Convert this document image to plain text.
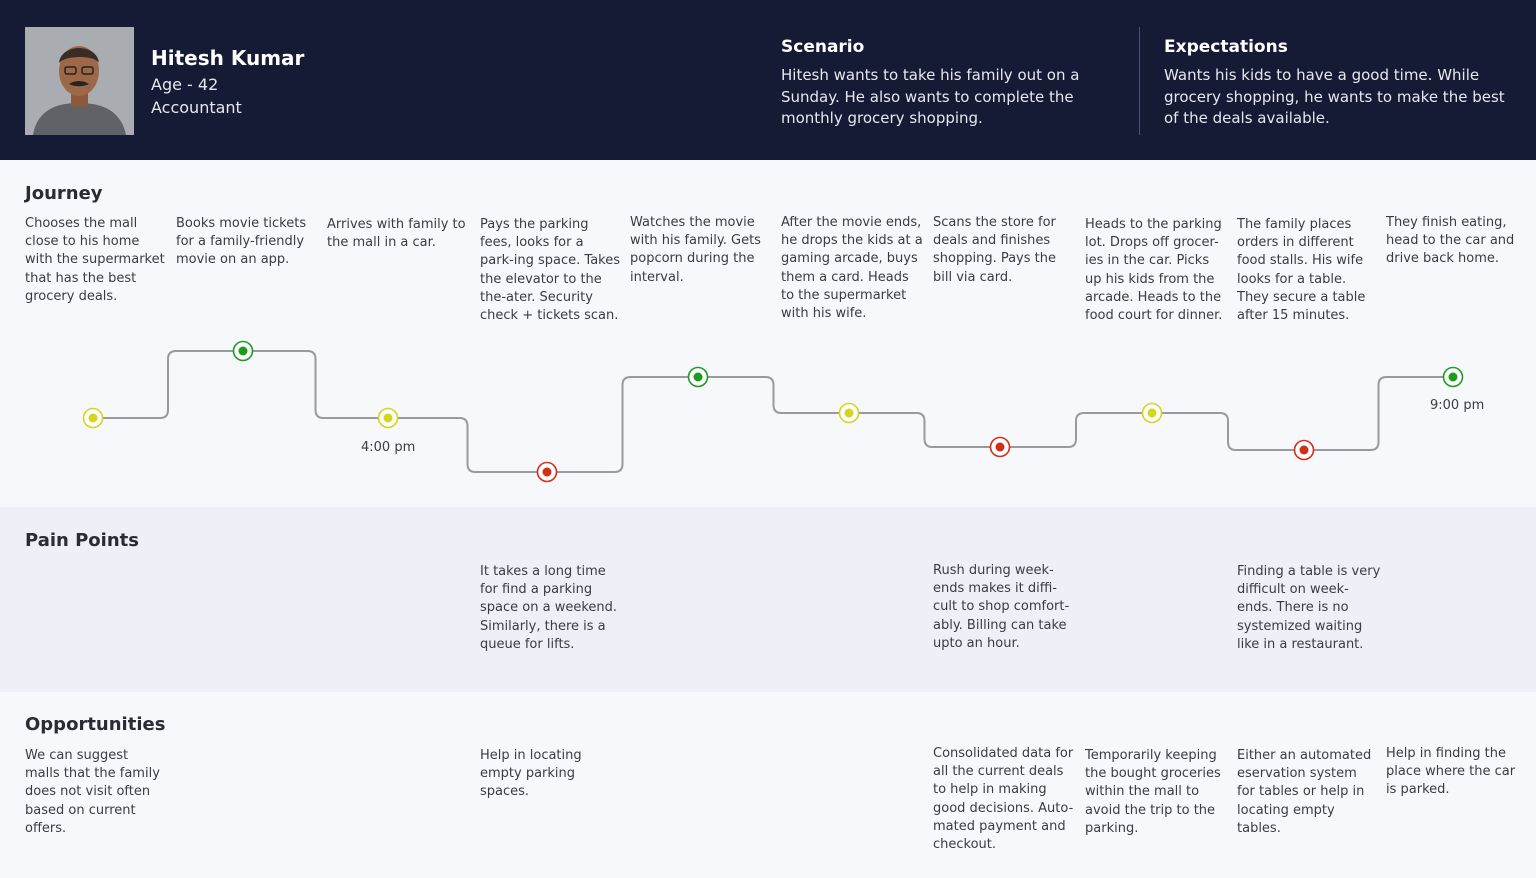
Hitesh Kumar
Age - 42
Accountant
Scenario
Hitesh wants to take his family out on a Sunday. He also wants to complete the monthly grocery shopping.
Expectations
Wants his kids to have a good time. While grocery shopping, he wants to make the best of the deals available.
Journey
Chooses the mall close to his home with the supermarket that has the best grocery deals.
Books movie tickets for a family-friendly movie on an app.
Arrives with family to the mall in a car.
Pays the parking fees, looks for a park-ing space. Takes the elevator to the the-ater. Security check + tickets scan.
Watches the movie with his family. Gets popcorn during the interval.
After the movie ends, he drops the kids at a gaming arcade, buys them a card. Heads to the supermarket with his wife.
Scans the store for deals and finishes shopping. Pays the bill via card.
Heads to the parking lot. Drops off grocer-ies in the car. Picks up his kids from the arcade. Heads to the food court for dinner.
The family places orders in different food stalls. His wife looks for a table. They secure a table after 15 minutes.
They finish eating, head to the car and drive back home.
Pain Points
It takes a long time for find a parking space on a weekend. Similarly, there is a queue for lifts.
Rush during week-ends makes it diffi-cult to shop comfort-ably. Billing can take upto an hour.
Finding a table is very difficult on week-ends. There is no systemized waiting like in a restaurant.
Opportunities
We can suggest malls that the family does not visit often based on current offers.
Help in locating empty parking spaces.
Consolidated data for all the current deals to help in making good decisions. Auto-mated payment and checkout.
Temporarily keeping the bought groceries within the mall to avoid the trip to the parking.
Either an automated eservation system for tables or help in locating empty tables.
Help in finding the place where the car is parked.
4:00 pm
9:00 pm
